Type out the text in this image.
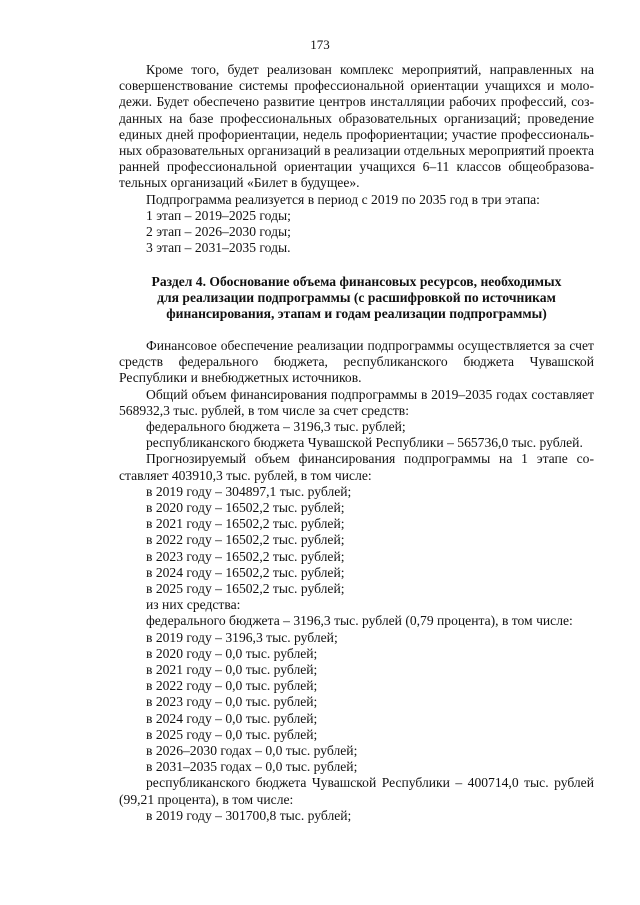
173

Кроме того, будет реализован комплекс мероприятий, направленных на совершенствование системы профессиональной ориентации учащихся и молодежи. Будет обеспечено развитие центров инсталляции рабочих профессий, созданных на базе профессиональных образовательных организаций; проведение единых дней профориентации, недель профориентации; участие профессиональных образовательных организаций в реализации отдельных мероприятий проекта ранней профессиональной ориентации учащихся 6–11 классов общеобразовательных организаций «Билет в будущее».

Подпрограмма реализуется в период с 2019 по 2035 год в три этапа:

1 этап – 2019–2025 годы;

2 этап – 2026–2030 годы;

3 этап – 2031–2035 годы.

Раздел 4. Обоснование объема финансовых ресурсов, необходимых
для реализации подпрограммы (с расшифровкой по источникам
финансирования, этапам и годам реализации подпрограммы)

Финансовое обеспечение реализации подпрограммы осуществляется за счет средств федерального бюджета, республиканского бюджета Чувашской Республики и внебюджетных источников.

Общий объем финансирования подпрограммы в 2019–2035 годах составляет 568932,3 тыс. рублей, в том числе за счет средств:

федерального бюджета – 3196,3 тыс. рублей;

республиканского бюджета Чувашской Республики – 565736,0 тыс. рублей.

Прогнозируемый объем финансирования подпрограммы на 1 этапе составляет 403910,3 тыс. рублей, в том числе:

в 2019 году – 304897,1 тыс. рублей;

в 2020 году – 16502,2 тыс. рублей;

в 2021 году – 16502,2 тыс. рублей;

в 2022 году – 16502,2 тыс. рублей;

в 2023 году – 16502,2 тыс. рублей;

в 2024 году – 16502,2 тыс. рублей;

в 2025 году – 16502,2 тыс. рублей;

из них средства:

федерального бюджета – 3196,3 тыс. рублей (0,79 процента), в том числе:

в 2019 году – 3196,3 тыс. рублей;

в 2020 году – 0,0 тыс. рублей;

в 2021 году – 0,0 тыс. рублей;

в 2022 году – 0,0 тыс. рублей;

в 2023 году – 0,0 тыс. рублей;

в 2024 году – 0,0 тыс. рублей;

в 2025 году – 0,0 тыс. рублей;

в 2026–2030 годах – 0,0 тыс. рублей;

в 2031–2035 годах – 0,0 тыс. рублей;

республиканского бюджета Чувашской Республики – 400714,0 тыс. рублей (99,21 процента), в том числе:

в 2019 году – 301700,8 тыс. рублей;
